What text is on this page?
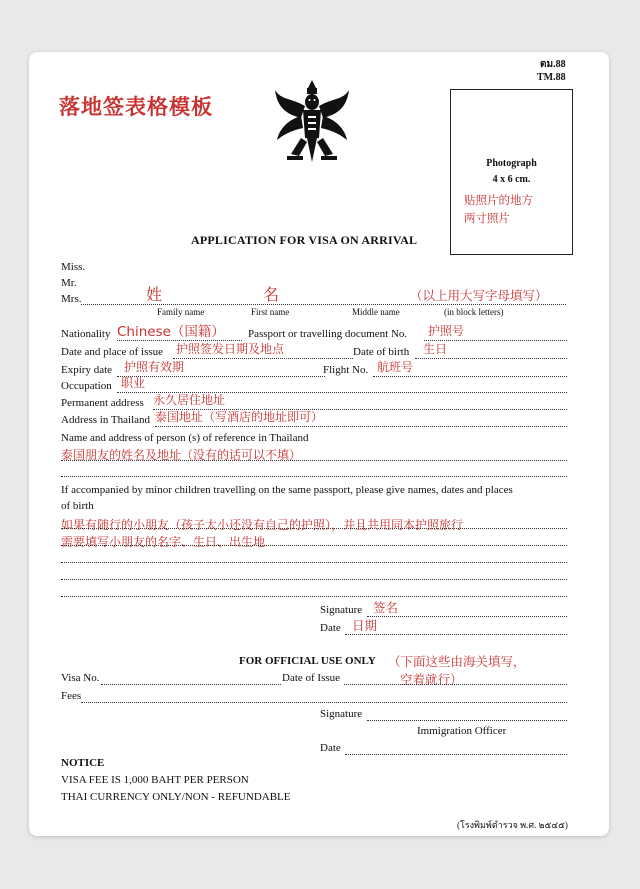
ตม.88
TM.88
落地签表格模板
Photograph
4 x 6 cm.
贴照片的地方
两寸照片
APPLICATION FOR VISA ON ARRIVAL
Miss.
Mr.
Mrs.	姓	名	（以上用大写字母填写）
Family name	First name	Middle name	(in block letters)
Nationality Chinese（国籍） Passport or travelling document No. 护照号
Date and place of issue 护照签发日期及地点	Date of birth 生日
Expiry date 护照有效期	Flight No. 航班号
Occupation 职业
Permanent address 永久居住地址
Address in Thailand 泰国地址（写酒店的地址即可）
Name and address of person (s) of reference in Thailand
泰国朋友的姓名及地址（没有的话可以不填）
If accompanied by minor children travelling on the same passport, please give names, dates and places
of birth
如果有随行的小朋友（孩子太小还没有自己的护照），并且共用同本护照旅行
需要填写小朋友的名字、生日、出生地
Signature 签名
Date 日期
FOR OFFICIAL USE ONLY （下面这些由海关填写，
空着就行）
Visa No.	Date of Issue
Fees
Signature
Immigration Officer
Date
NOTICE
VISA FEE IS 1,000 BAHT PER PERSON
THAI CURRENCY ONLY/NON - REFUNDABLE
(โรงพิมพ์ตำรวจ พ.ศ. ๒๕๔๕)
